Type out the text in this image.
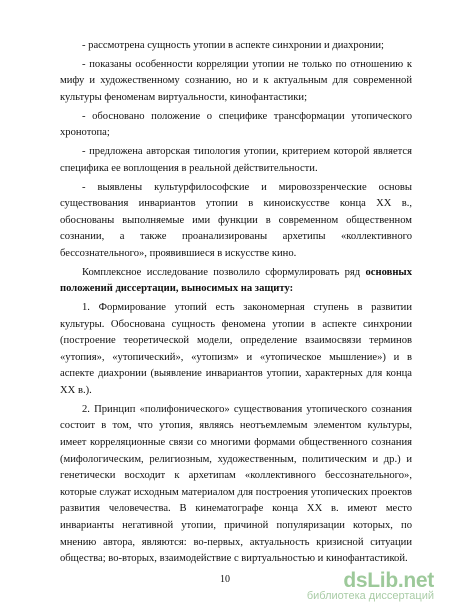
- рассмотрена сущность утопии в аспекте синхронии и диахронии;

- показаны особенности корреляции утопии не только по отношению к мифу и художественному сознанию, но и к актуальным для современной культуры феноменам виртуальности, кинофантастики;

- обосновано положение о специфике трансформации утопического хронотопа;

- предложена авторская типология утопии, критерием которой является специфика ее воплощения в реальной действительности.

- выявлены культурфилософские и мировоззренческие основы существования инвариантов утопии в киноискусстве конца XX в., обоснованы выполняемые ими функции в современном общественном сознании, а также проанализированы архетипы «коллективного бессознательного», проявившиеся в искусстве кино.

Комплексное исследование позволило сформулировать ряд основных положений диссертации, выносимых на защиту:

1. Формирование утопий есть закономерная ступень в развитии культуры. Обоснована сущность феномена утопии в аспекте синхронии (построение теоретической модели, определение взаимосвязи терминов «утопия», «утопический», «утопизм» и «утопическое мышление») и в аспекте диахронии (выявление инвариантов утопии, характерных для конца XX в.).

2. Принцип «полифонического» существования утопического сознания состоит в том, что утопия, являясь неотъемлемым элементом культуры, имеет корреляционные связи со многими формами общественного сознания (мифологическим, религиозным, художественным, политическим и др.) и генетически восходит к архетипам «коллективного бессознательного», которые служат исходным материалом для построения утопических проектов развития человечества. В кинематографе конца XX в. имеют место инварианты негативной утопии, причиной популяризации которых, по мнению автора, являются: во-первых, актуальность кризисной ситуации общества; во-вторых, взаимодействие с виртуальностью и кинофантастикой.

10	dsLib.net
библиотека диссертаций
